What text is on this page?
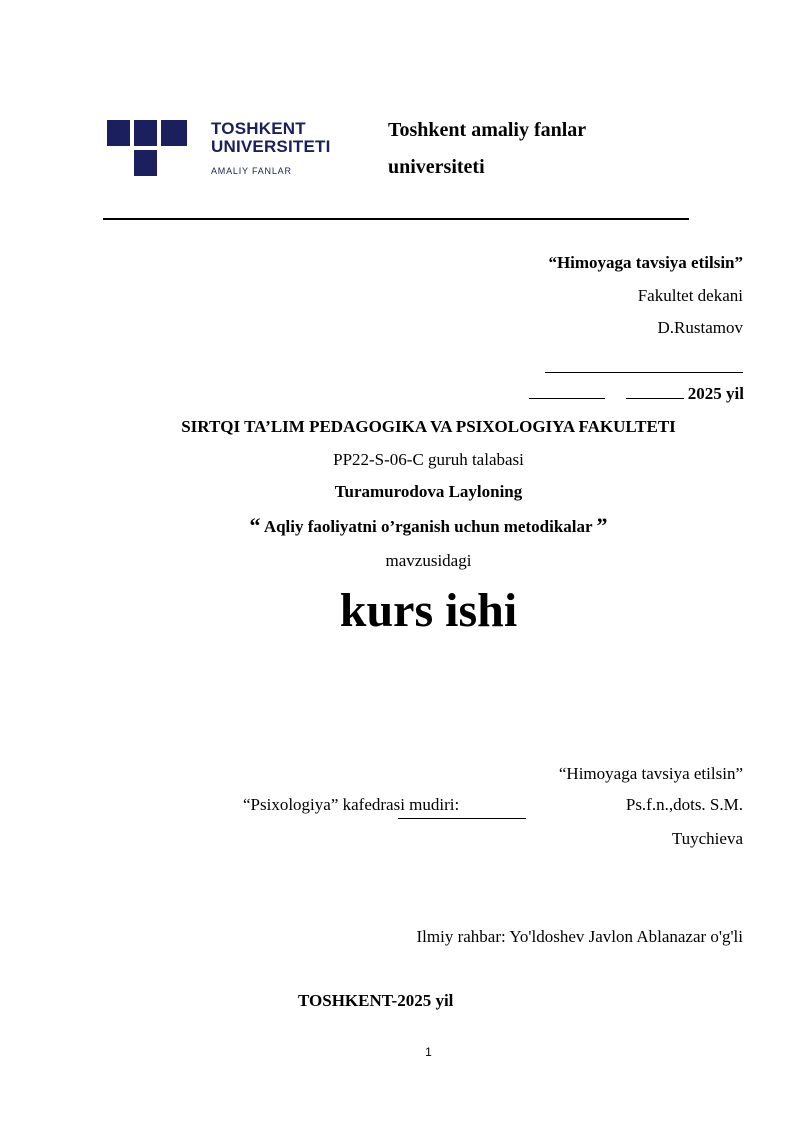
TOSHKENT
UNIVERSITETI
AMALIY FANLAR
Toshkent amaliy fanlar
universiteti
“Himoyaga tavsiya etilsin”
Fakultet dekani
D.Rustamov
2025 yil
SIRTQI TA’LIM PEDAGOGIKA VA PSIXOLOGIYA FAKULTETI
PP22-S-06-C guruh talabasi
Turamurodova Layloning
“ Aqliy faoliyatni o’rganish uchun metodikalar ”
mavzusidagi
kurs ishi
“Himoyaga tavsiya etilsin”
“Psixologiya” kafedrasi mudiri:	Ps.f.n.,dots. S.M.
Tuychieva
Ilmiy rahbar: Yo'ldoshev Javlon Ablanazar o'g'li
TOSHKENT-2025 yil
1
